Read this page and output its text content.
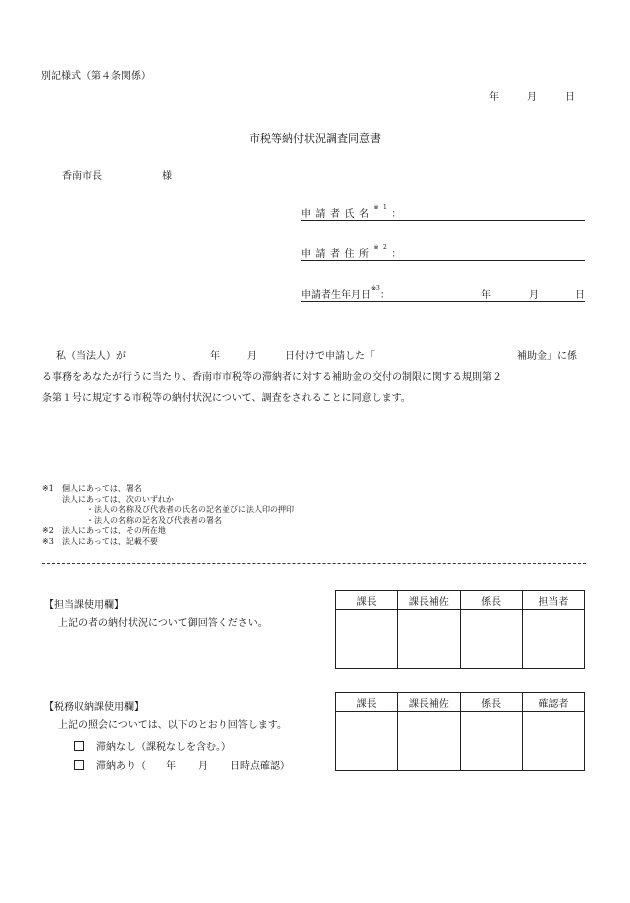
別記様式（第４条関係）
年	月	日
市税等納付状況調査同意書
香南市長	様
申請者氏名$^{※1}$：
申請者住所$^{※2}$：
申請者生年月日$^{※3}$：	年	月	日
私（当法人）が	年	月	日付けで申請した「	補助金」に係
る事務をあなたが行うに当たり、香南市市税等の滞納者に対する補助金の交付の制限に関する規則第２
条第１号に規定する市税等の納付状況について、調査をされることに同意します。
※1 個人にあっては、署名
法人にあっては、次のいずれか
・法人の名称及び代表者の氏名の記名並びに法人印の押印
・法人の名称の記名及び代表者の署名
※2 法人にあっては、その所在地
※3 法人にあっては、記載不要
【担当課使用欄】
上記の者の納付状況について御回答ください。
課長	課長補佐	係長	担当者

【税務収納課使用欄】
上記の照会については、以下のとおり回答します。
滞納なし（課税なしを含む。）
滞納あり（ 年 月 日時点確認）
課長	課長補佐	係長	確認者
